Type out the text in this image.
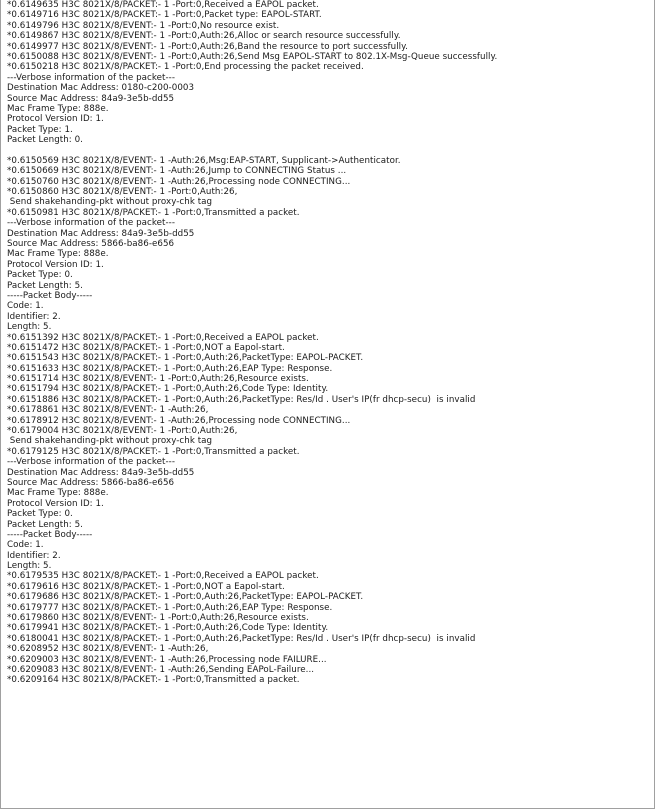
*0.6149635 H3C 8021X/8/PACKET:- 1 -Port:0,Received a EAPOL packet.
*0.6149716 H3C 8021X/8/PACKET:- 1 -Port:0,Packet type: EAPOL-START.
*0.6149796 H3C 8021X/8/EVENT:- 1 -Port:0,No resource exist.
*0.6149867 H3C 8021X/8/EVENT:- 1 -Port:0,Auth:26,Alloc or search resource successfully.
*0.6149977 H3C 8021X/8/EVENT:- 1 -Port:0,Auth:26,Band the resource to port successfully.
*0.6150088 H3C 8021X/8/EVENT:- 1 -Port:0,Auth:26,Send Msg EAPOL-START to 802.1X-Msg-Queue successfully.
*0.6150218 H3C 8021X/8/PACKET:- 1 -Port:0,End processing the packet received.
---Verbose information of the packet---
Destination Mac Address: 0180-c200-0003
Source Mac Address: 84a9-3e5b-dd55
Mac Frame Type: 888e.
Protocol Version ID: 1.
Packet Type: 1.
Packet Length: 0.
*0.6150569 H3C 8021X/8/EVENT:- 1 -Auth:26,Msg:EAP-START, Supplicant->Authenticator.
*0.6150669 H3C 8021X/8/EVENT:- 1 -Auth:26,Jump to CONNECTING Status ...
*0.6150760 H3C 8021X/8/EVENT:- 1 -Auth:26,Processing node CONNECTING...
*0.6150860 H3C 8021X/8/EVENT:- 1 -Port:0,Auth:26,
Send shakehanding-pkt without proxy-chk tag
*0.6150981 H3C 8021X/8/PACKET:- 1 -Port:0,Transmitted a packet.
---Verbose information of the packet---
Destination Mac Address: 84a9-3e5b-dd55
Source Mac Address: 5866-ba86-e656
Mac Frame Type: 888e.
Protocol Version ID: 1.
Packet Type: 0.
Packet Length: 5.
-----Packet Body-----
Code: 1.
Identifier: 2.
Length: 5.
*0.6151392 H3C 8021X/8/PACKET:- 1 -Port:0,Received a EAPOL packet.
*0.6151472 H3C 8021X/8/PACKET:- 1 -Port:0,NOT a Eapol-start.
*0.6151543 H3C 8021X/8/PACKET:- 1 -Port:0,Auth:26,PacketType: EAPOL-PACKET.
*0.6151633 H3C 8021X/8/PACKET:- 1 -Port:0,Auth:26,EAP Type: Response.
*0.6151714 H3C 8021X/8/EVENT:- 1 -Port:0,Auth:26,Resource exists.
*0.6151794 H3C 8021X/8/PACKET:- 1 -Port:0,Auth:26,Code Type: Identity.
*0.6151886 H3C 8021X/8/PACKET:- 1 -Port:0,Auth:26,PacketType: Res/Id . User's IP(fr dhcp-secu)  is invalid
*0.6178861 H3C 8021X/8/EVENT:- 1 -Auth:26,
*0.6178912 H3C 8021X/8/EVENT:- 1 -Auth:26,Processing node CONNECTING...
*0.6179004 H3C 8021X/8/EVENT:- 1 -Port:0,Auth:26,
Send shakehanding-pkt without proxy-chk tag
*0.6179125 H3C 8021X/8/PACKET:- 1 -Port:0,Transmitted a packet.
---Verbose information of the packet---
Destination Mac Address: 84a9-3e5b-dd55
Source Mac Address: 5866-ba86-e656
Mac Frame Type: 888e.
Protocol Version ID: 1.
Packet Type: 0.
Packet Length: 5.
-----Packet Body-----
Code: 1.
Identifier: 2.
Length: 5.
*0.6179535 H3C 8021X/8/PACKET:- 1 -Port:0,Received a EAPOL packet.
*0.6179616 H3C 8021X/8/PACKET:- 1 -Port:0,NOT a Eapol-start.
*0.6179686 H3C 8021X/8/PACKET:- 1 -Port:0,Auth:26,PacketType: EAPOL-PACKET.
*0.6179777 H3C 8021X/8/PACKET:- 1 -Port:0,Auth:26,EAP Type: Response.
*0.6179860 H3C 8021X/8/EVENT:- 1 -Port:0,Auth:26,Resource exists.
*0.6179941 H3C 8021X/8/PACKET:- 1 -Port:0,Auth:26,Code Type: Identity.
*0.6180041 H3C 8021X/8/PACKET:- 1 -Port:0,Auth:26,PacketType: Res/Id . User's IP(fr dhcp-secu)  is invalid
*0.6208952 H3C 8021X/8/EVENT:- 1 -Auth:26,
*0.6209003 H3C 8021X/8/EVENT:- 1 -Auth:26,Processing node FAILURE...
*0.6209083 H3C 8021X/8/EVENT:- 1 -Auth:26,Sending EAPoL-Failure...
*0.6209164 H3C 8021X/8/PACKET:- 1 -Port:0,Transmitted a packet.
